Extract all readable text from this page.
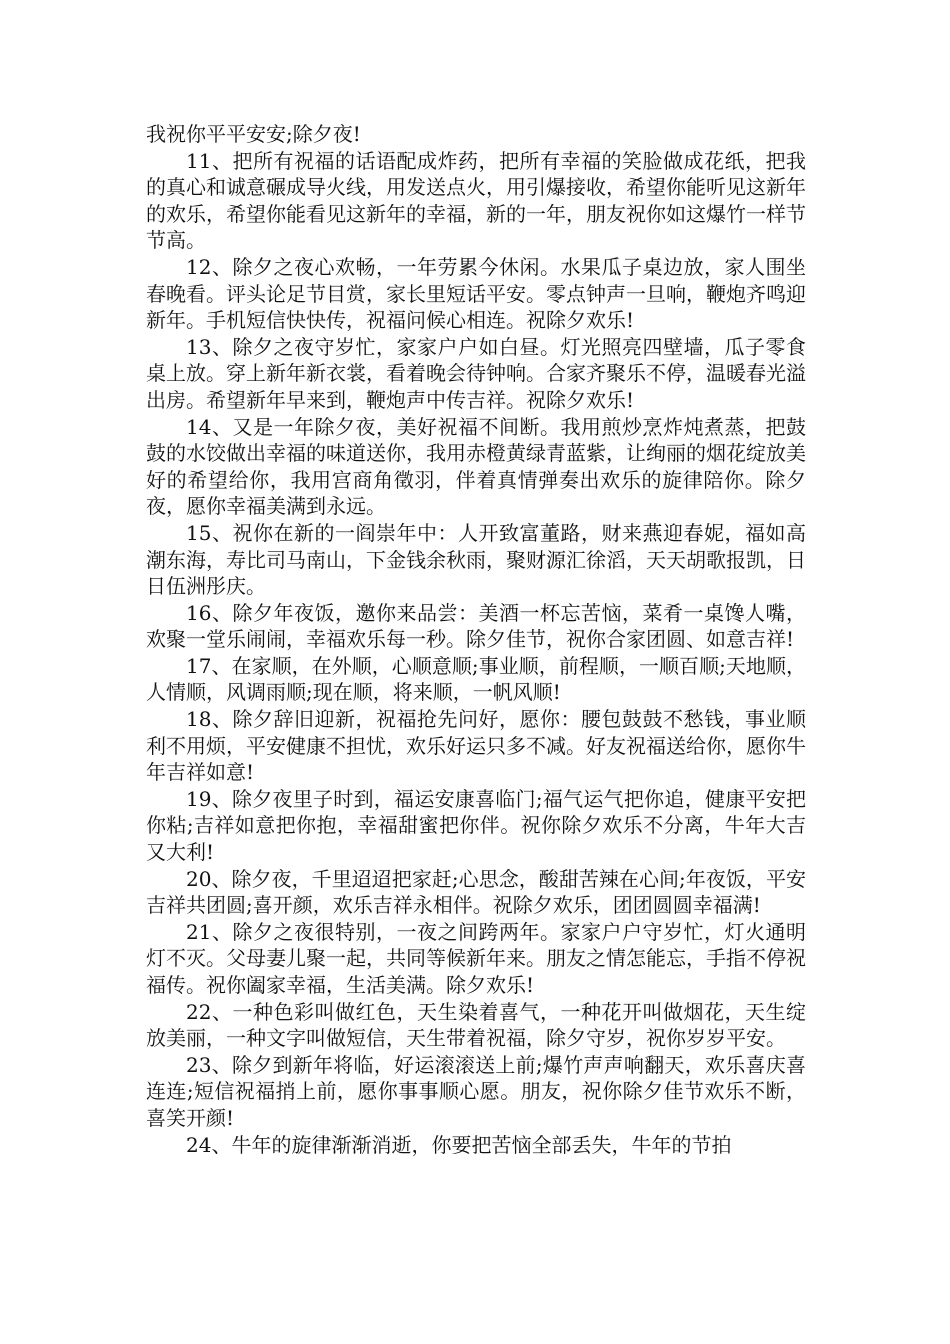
我祝你平平安安;除夕夜!

11、把所有祝福的话语配成炸药，把所有幸福的笑脸做成花纸，把我的真心和诚意碾成导火线，用发送点火，用引爆接收，希望你能听见这新年的欢乐，希望你能看见这新年的幸福，新的一年，朋友祝你如这爆竹一样节节高。

12、除夕之夜心欢畅，一年劳累今休闲。水果瓜子桌边放，家人围坐春晚看。评头论足节目赏，家长里短话平安。零点钟声一旦响，鞭炮齐鸣迎新年。手机短信快快传，祝福问候心相连。祝除夕欢乐!

13、除夕之夜守岁忙，家家户户如白昼。灯光照亮四壁墙，瓜子零食桌上放。穿上新年新衣裳，看着晚会待钟响。合家齐聚乐不停，温暖春光溢出房。希望新年早来到，鞭炮声中传吉祥。祝除夕欢乐!

14、又是一年除夕夜，美好祝福不间断。我用煎炒烹炸炖煮蒸，把鼓鼓的水饺做出幸福的味道送你，我用赤橙黄绿青蓝紫，让绚丽的烟花绽放美好的希望给你，我用宫商角徵羽，伴着真情弹奏出欢乐的旋律陪你。除夕夜，愿你幸福美满到永远。

15、祝你在新的一阎崇年中：人开致富董路，财来燕迎春妮，福如高潮东海，寿比司马南山，下金钱余秋雨，聚财源汇徐滔，天天胡歌报凯，日日伍洲彤庆。

16、除夕年夜饭，邀你来品尝：美酒一杯忘苦恼，菜肴一桌馋人嘴，欢聚一堂乐闹闹，幸福欢乐每一秒。除夕佳节，祝你合家团圆、如意吉祥!

17、在家顺，在外顺，心顺意顺;事业顺，前程顺，一顺百顺;天地顺，人情顺，风调雨顺;现在顺，将来顺，一帆风顺!

18、除夕辞旧迎新，祝福抢先问好，愿你：腰包鼓鼓不愁钱，事业顺利不用烦，平安健康不担忧，欢乐好运只多不减。好友祝福送给你，愿你牛年吉祥如意!

19、除夕夜里子时到，福运安康喜临门;福气运气把你追，健康平安把你粘;吉祥如意把你抱，幸福甜蜜把你伴。祝你除夕欢乐不分离，牛年大吉又大利!

20、除夕夜，千里迢迢把家赶;心思念，酸甜苦辣在心间;年夜饭，平安吉祥共团圆;喜开颜，欢乐吉祥永相伴。祝除夕欢乐，团团圆圆幸福满!

21、除夕之夜很特别，一夜之间跨两年。家家户户守岁忙，灯火通明灯不灭。父母妻儿聚一起，共同等候新年来。朋友之情怎能忘，手指不停祝福传。祝你阖家幸福，生活美满。除夕欢乐!

22、一种色彩叫做红色，天生染着喜气，一种花开叫做烟花，天生绽放美丽，一种文字叫做短信，天生带着祝福，除夕守岁，祝你岁岁平安。

23、除夕到新年将临，好运滚滚送上前;爆竹声声响翻天，欢乐喜庆喜连连;短信祝福捎上前，愿你事事顺心愿。朋友，祝你除夕佳节欢乐不断，喜笑开颜!

24、牛年的旋律渐渐消逝，你要把苦恼全部丢失，牛年的节拍
